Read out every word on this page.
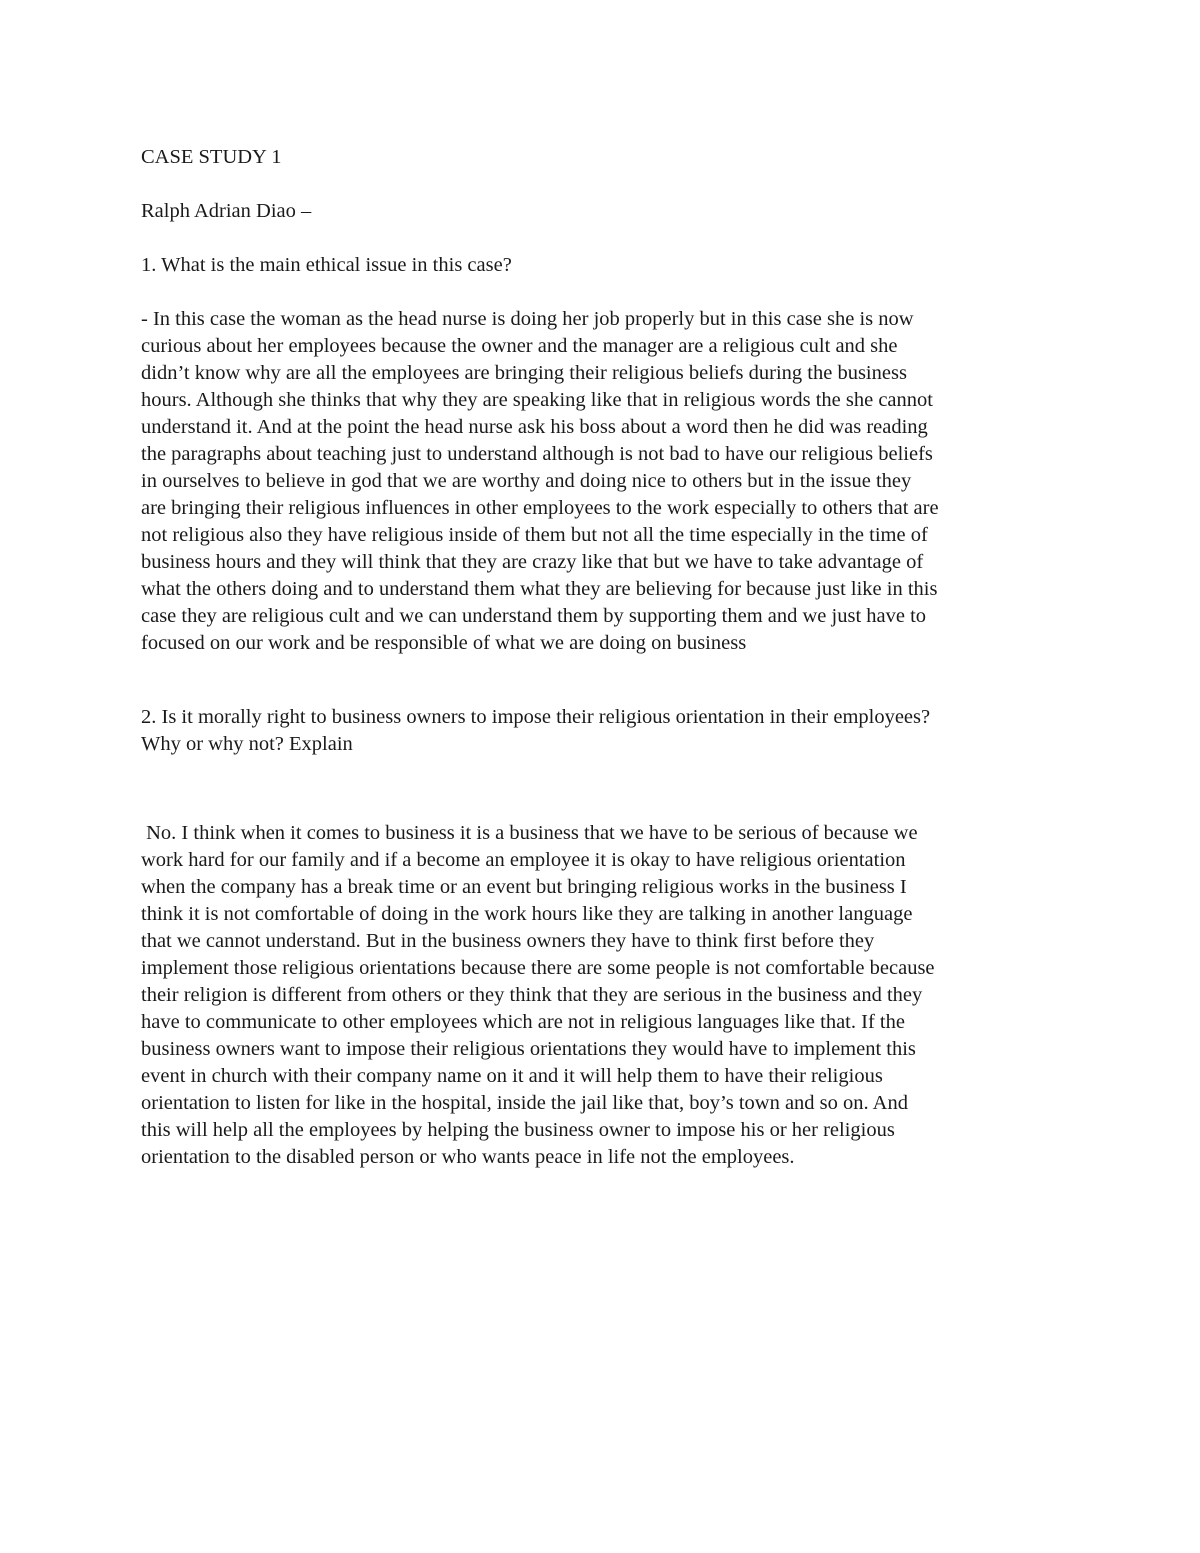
CASE STUDY 1

Ralph Adrian Diao –

1. What is the main ethical issue in this case?

- In this case the woman as the head nurse is doing her job properly but in this case she is now
curious about her employees because the owner and the manager are a religious cult and she
didn’t know why are all the employees are bringing their religious beliefs during the business
hours. Although she thinks that why they are speaking like that in religious words the she cannot
understand it. And at the point the head nurse ask his boss about a word then he did was reading
the paragraphs about teaching just to understand although is not bad to have our religious beliefs
in ourselves to believe in god that we are worthy and doing nice to others but in the issue they
are bringing their religious influences in other employees to the work especially to others that are
not religious also they have religious inside of them but not all the time especially in the time of
business hours and they will think that they are crazy like that but we have to take advantage of
what the others doing and to understand them what they are believing for because just like in this
case they are religious cult and we can understand them by supporting them and we just have to
focused on our work and be responsible of what we are doing on business
2. Is it morally right to business owners to impose their religious orientation in their employees?
Why or why not? Explain
No. I think when it comes to business it is a business that we have to be serious of because we
work hard for our family and if a become an employee it is okay to have religious orientation
when the company has a break time or an event but bringing religious works in the business I
think it is not comfortable of doing in the work hours like they are talking in another language
that we cannot understand. But in the business owners they have to think first before they
implement those religious orientations because there are some people is not comfortable because
their religion is different from others or they think that they are serious in the business and they
have to communicate to other employees which are not in religious languages like that. If the
business owners want to impose their religious orientations they would have to implement this
event in church with their company name on it and it will help them to have their religious
orientation to listen for like in the hospital, inside the jail like that, boy’s town and so on. And
this will help all the employees by helping the business owner to impose his or her religious
orientation to the disabled person or who wants peace in life not the employees.
